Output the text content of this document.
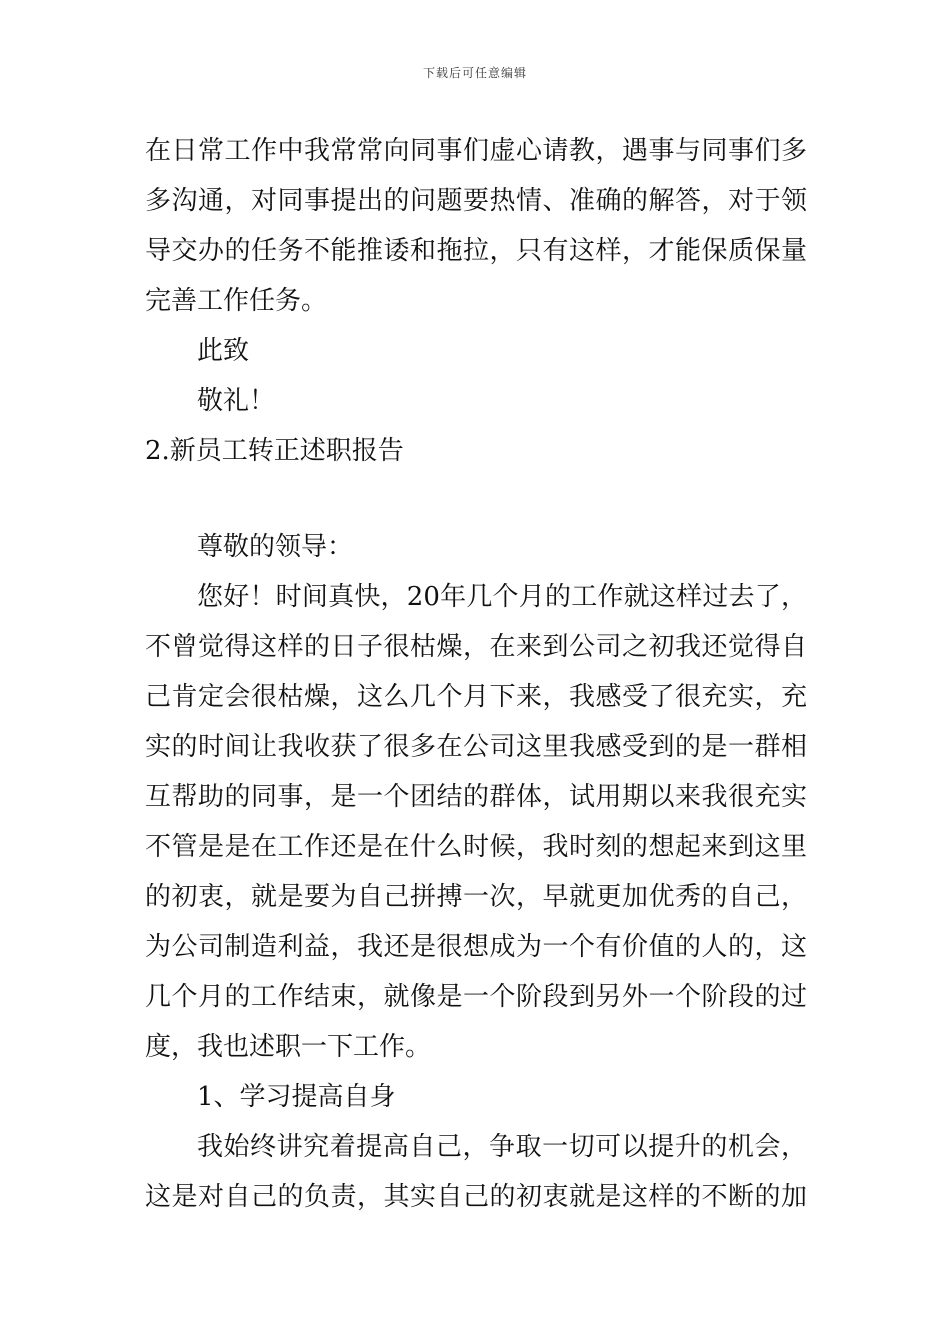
下载后可任意编辑
在日常工作中我常常向同事们虚心请教，遇事与同事们多
多沟通，对同事提出的问题要热情、准确的解答，对于领
导交办的任务不能推诿和拖拉，只有这样，才能保质保量
完善工作任务。
此致
敬礼！
2.新员工转正述职报告
尊敬的领导：
您好！时间真快，20年几个月的工作就这样过去了，
不曾觉得这样的日子很枯燥，在来到公司之初我还觉得自
己肯定会很枯燥，这么几个月下来，我感受了很充实，充
实的时间让我收获了很多在公司这里我感受到的是一群相
互帮助的同事，是一个团结的群体，试用期以来我很充实
不管是是在工作还是在什么时候，我时刻的想起来到这里
的初衷，就是要为自己拼搏一次，早就更加优秀的自己，
为公司制造利益，我还是很想成为一个有价值的人的，这
几个月的工作结束，就像是一个阶段到另外一个阶段的过
度，我也述职一下工作。
1、学习提高自身
我始终讲究着提高自己，争取一切可以提升的机会，
这是对自己的负责，其实自己的初衷就是这样的不断的加
